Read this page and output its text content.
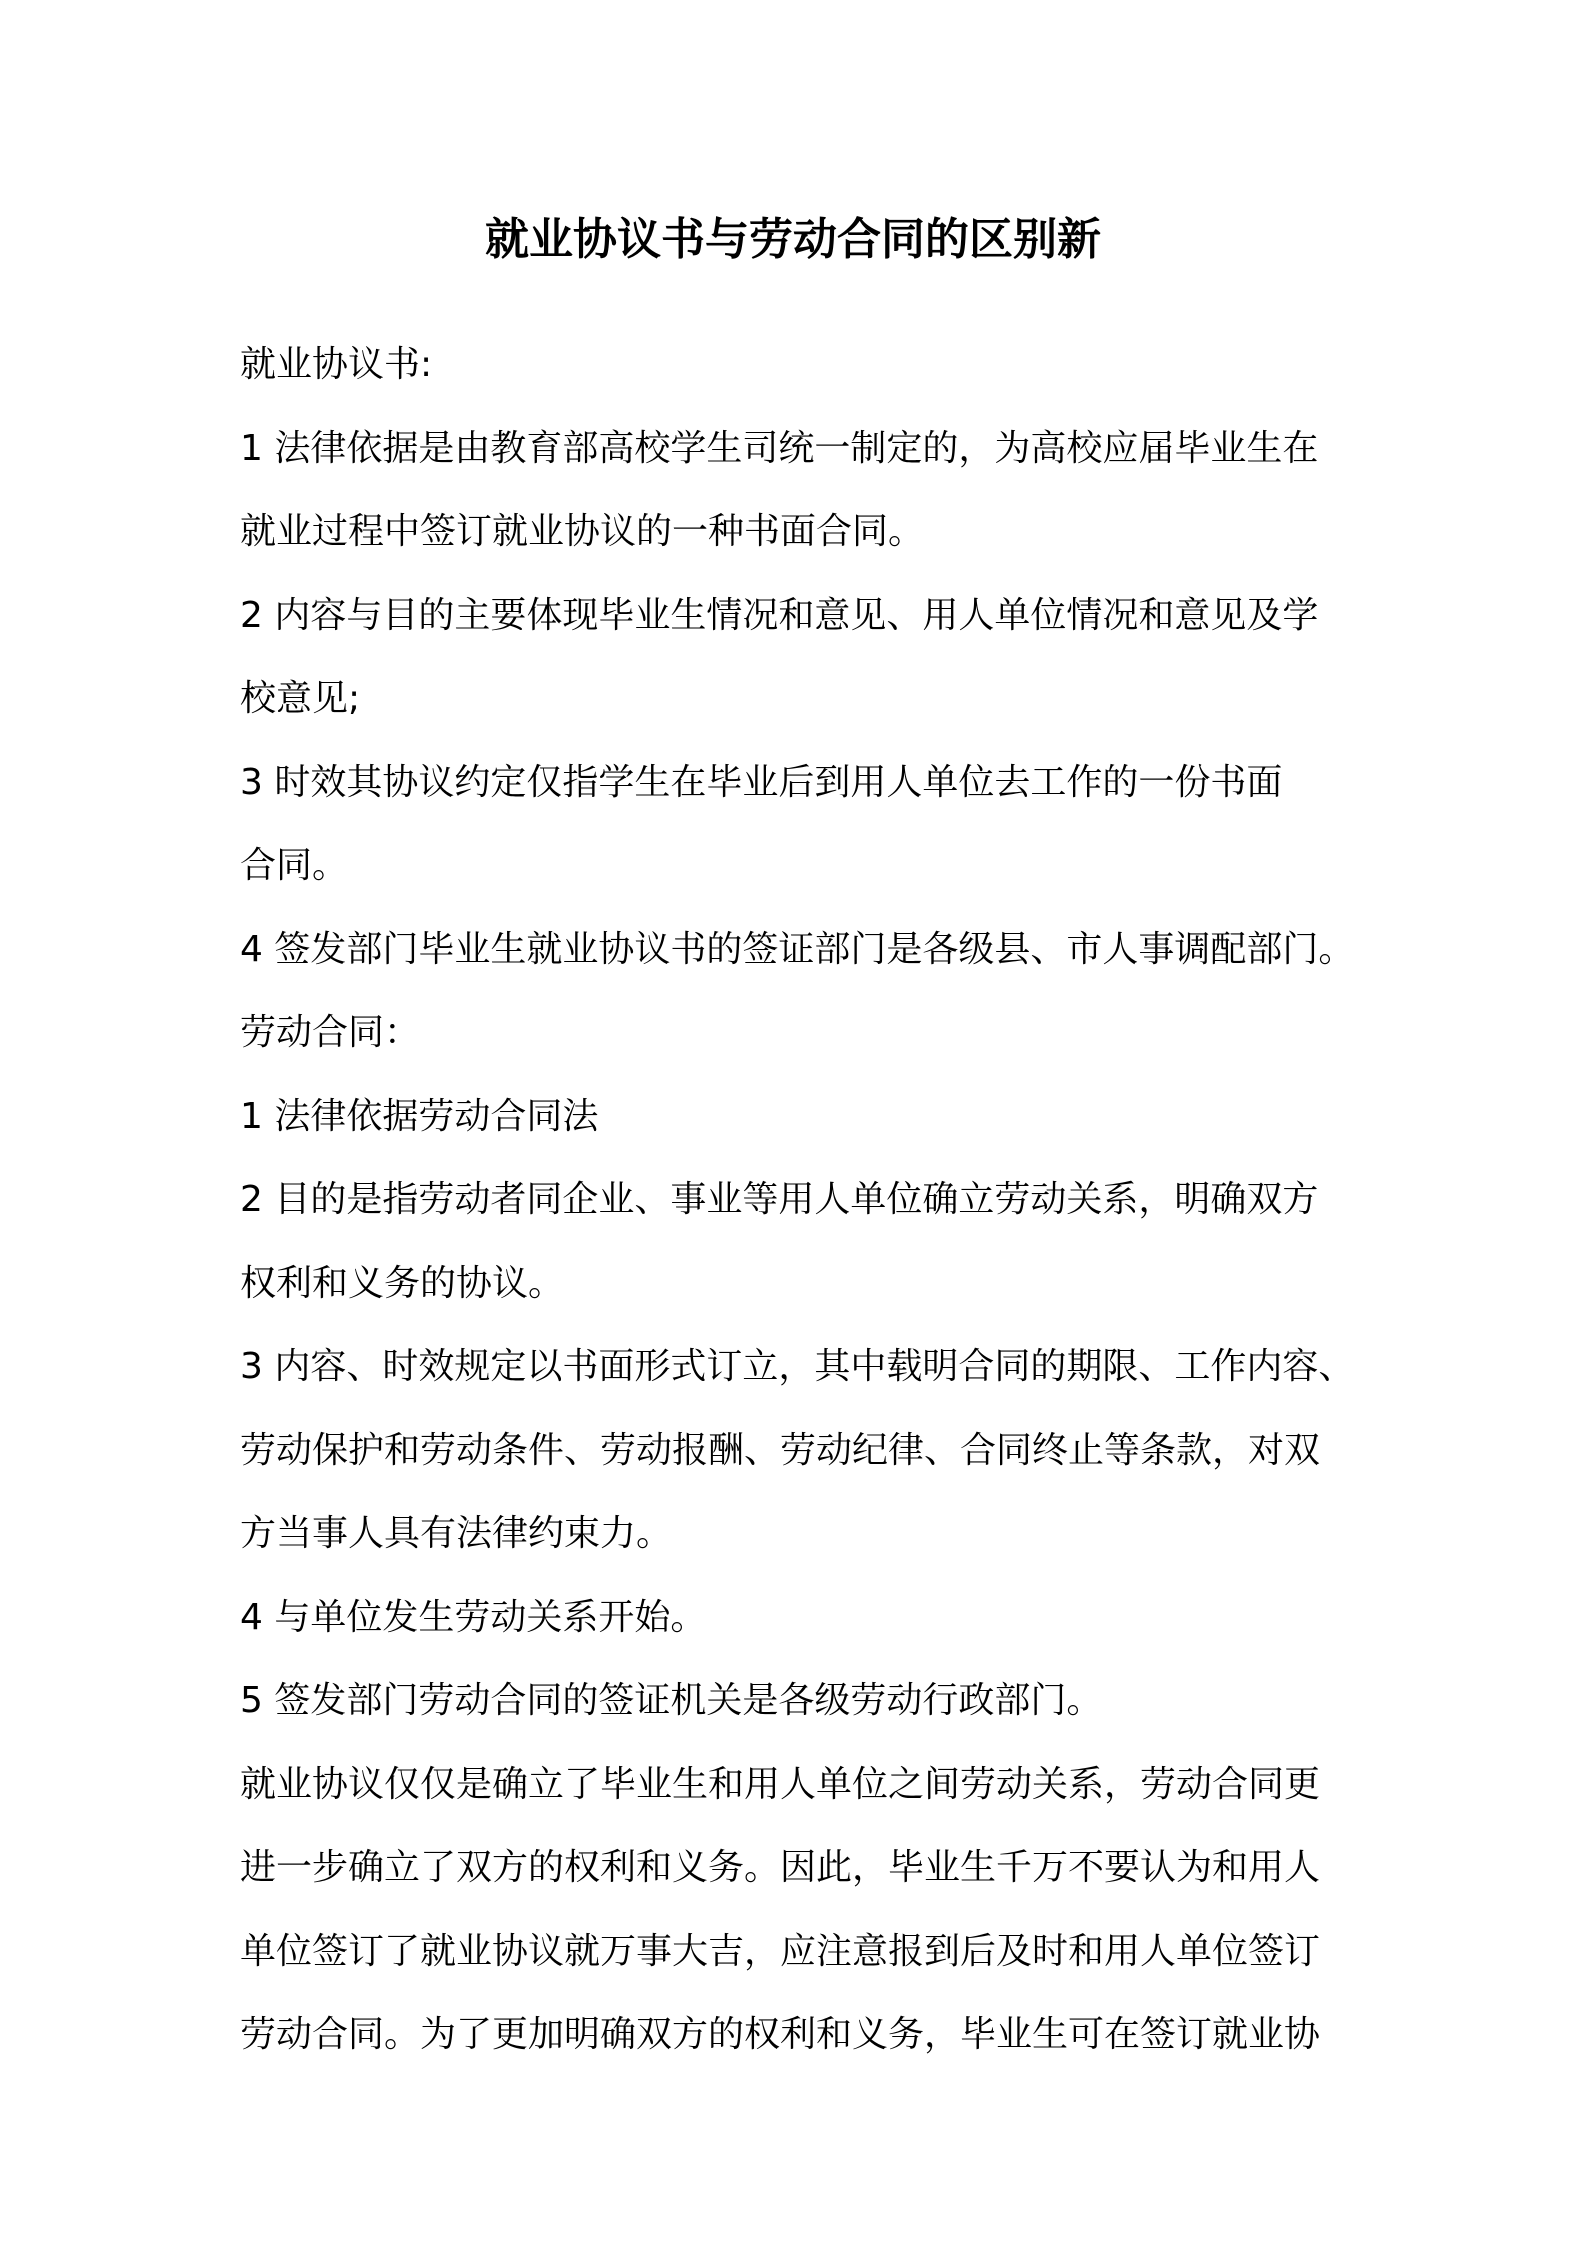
就业协议书与劳动合同的区别新

就业协议书:

1 法律依据是由教育部高校学生司统一制定的，为高校应届毕业生在

就业过程中签订就业协议的一种书面合同。

2 内容与目的主要体现毕业生情况和意见、用人单位情况和意见及学

校意见;

3 时效其协议约定仅指学生在毕业后到用人单位去工作的一份书面

合同。

4 签发部门毕业生就业协议书的签证部门是各级县、市人事调配部门。

劳动合同：

1 法律依据劳动合同法

2 目的是指劳动者同企业、事业等用人单位确立劳动关系，明确双方

权利和义务的协议。

3 内容、时效规定以书面形式订立，其中载明合同的期限、工作内容、

劳动保护和劳动条件、劳动报酬、劳动纪律、合同终止等条款，对双

方当事人具有法律约束力。

4 与单位发生劳动关系开始。

5 签发部门劳动合同的签证机关是各级劳动行政部门。

就业协议仅仅是确立了毕业生和用人单位之间劳动关系，劳动合同更

进一步确立了双方的权利和义务。因此，毕业生千万不要认为和用人

单位签订了就业协议就万事大吉，应注意报到后及时和用人单位签订

劳动合同。为了更加明确双方的权利和义务，毕业生可在签订就业协
